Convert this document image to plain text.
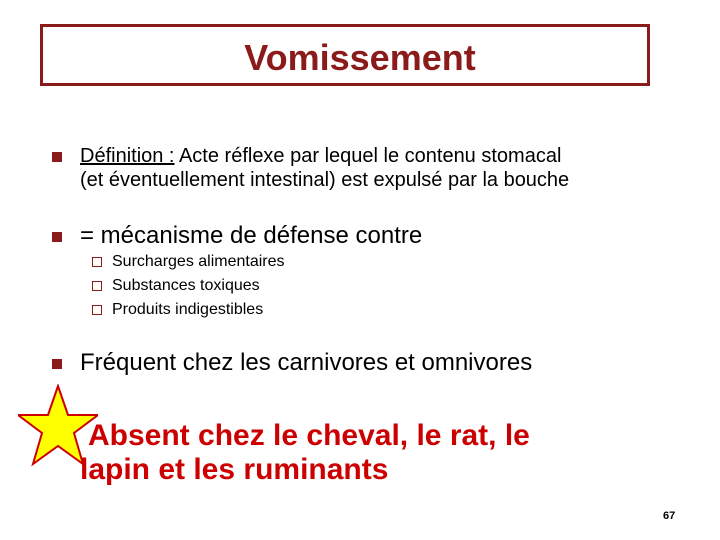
Vomissement
Définition : Acte réflexe par lequel le contenu stomacal
(et éventuellement intestinal) est expulsé par la bouche
= mécanisme de défense contre
Surcharges alimentaires
Substances toxiques
Produits indigestibles
Fréquent chez les carnivores et omnivores
Absent chez le cheval, le rat, le
lapin et les ruminants
67
